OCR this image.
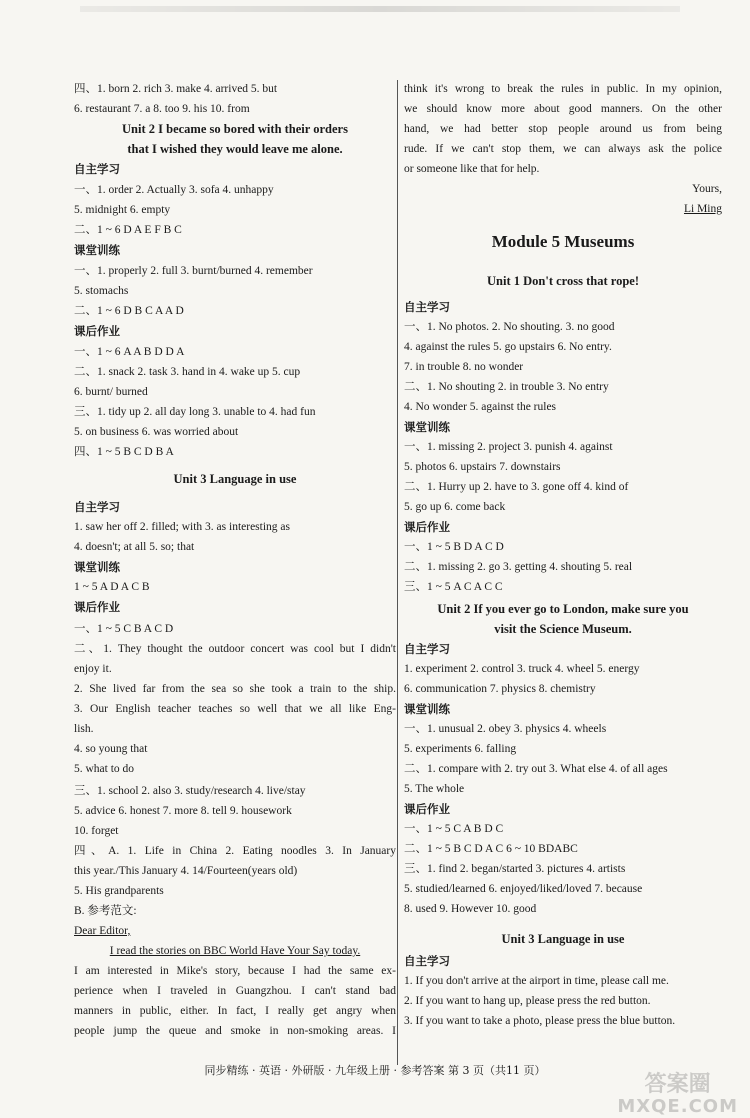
四、1. born 2. rich 3. make 4. arrived 5. but
6. restaurant 7. a 8. too 9. his 10. from
Unit 2 I became so bored with their orders
that I wished they would leave me alone.
自主学习
一、1. order 2. Actually 3. sofa 4. unhappy
5. midnight 6. empty
二、1 ~ 6 D A E F B C
课堂训练
一、1. properly 2. full 3. burnt/burned 4. remember
5. stomachs
二、1 ~ 6 D B C A A D
课后作业
一、1 ~ 6 A A B D D A
二、1. snack 2. task 3. hand in 4. wake up 5. cup
6. burnt/ burned
三、1. tidy up 2. all day long 3. unable to 4. had fun
5. on business 6. was worried about
四、1 ~ 5 B C D B A
Unit 3 Language in use
自主学习
1. saw her off 2. filled; with 3. as interesting as
4. doesn't; at all 5. so; that
课堂训练
1 ~ 5 A D A C B
课后作业
一、1 ~ 5 C B A C D
二、1. They thought the outdoor concert was cool but I didn't
enjoy it.
2. She lived far from the sea so she took a train to the ship.
3. Our English teacher teaches so well that we all like Eng-
lish.
4. so young that
5. what to do
三、1. school 2. also 3. study/research 4. live/stay
5. advice 6. honest 7. more 8. tell 9. housework
10. forget
四、A. 1. Life in China 2. Eating noodles 3. In January
this year./This January 4. 14/Fourteen(years old)
5. His grandparents
B. 参考范文:
Dear Editor,
I read the stories on BBC World Have Your Say today.
I am interested in Mike's story, because I had the same ex-
perience when I traveled in Guangzhou. I can't stand bad
manners in public, either. In fact, I really get angry when
people jump the queue and smoke in non-smoking areas. I
think it's wrong to break the rules in public. In my opinion,
we should know more about good manners. On the other
hand, we had better stop people around us from being
rude. If we can't stop them, we can always ask the police
or someone like that for help.
Yours,
Li Ming
Module 5 Museums
Unit 1 Don't cross that rope!
自主学习
一、1. No photos. 2. No shouting. 3. no good
4. against the rules 5. go upstairs 6. No entry.
7. in trouble 8. no wonder
二、1. No shouting 2. in trouble 3. No entry
4. No wonder 5. against the rules
课堂训练
一、1. missing 2. project 3. punish 4. against
5. photos 6. upstairs 7. downstairs
二、1. Hurry up 2. have to 3. gone off 4. kind of
5. go up 6. come back
课后作业
一、1 ~ 5 B D A C D
二、1. missing 2. go 3. getting 4. shouting 5. real
三、1 ~ 5 A C A C C
Unit 2 If you ever go to London, make sure you
visit the Science Museum.
自主学习
1. experiment 2. control 3. truck 4. wheel 5. energy
6. communication 7. physics 8. chemistry
课堂训练
一、1. unusual 2. obey 3. physics 4. wheels
5. experiments 6. falling
二、1. compare with 2. try out 3. What else 4. of all ages
5. The whole
课后作业
一、1 ~ 5 C A B D C
二、1 ~ 5 B C D A C 6 ~ 10 BDABC
三、1. find 2. began/started 3. pictures 4. artists
5. studied/learned 6. enjoyed/liked/loved 7. because
8. used 9. However 10. good
Unit 3 Language in use
自主学习
1. If you don't arrive at the airport in time, please call me.
2. If you want to hang up, please press the red button.
3. If you want to take a photo, please press the blue button.
同步精练 · 英语 · 外研版 · 九年级上册 · 参考答案 第 3 页（共11 页）
答案圈
MXQE.COM
